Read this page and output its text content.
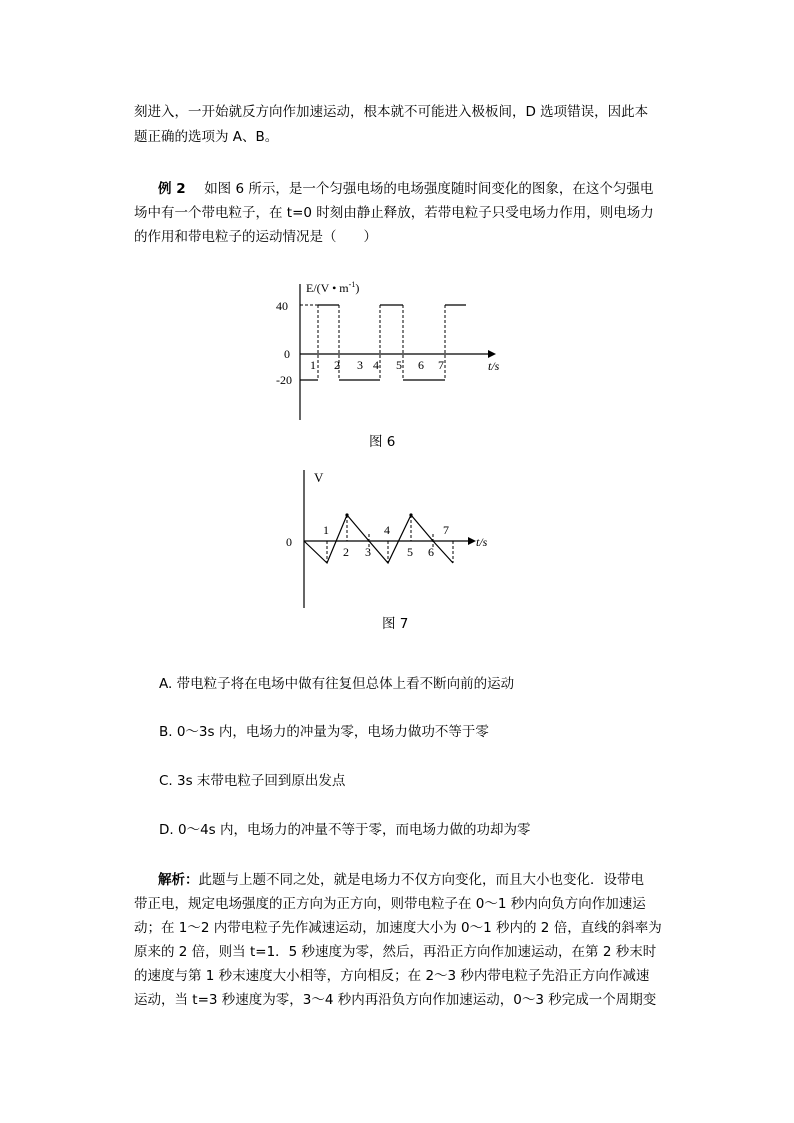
刻进入，一开始就反方向作加速运动，根本就不可能进入极板间，D 选项错误，因此本
题正确的选项为 A、B。
例 2 如图 6 所示，是一个匀强电场的电场强度随时间变化的图象，在这个匀强电
场中有一个带电粒子，在 t=0 时刻由静止释放，若带电粒子只受电场力作用，则电场力
的作用和带电粒子的运动情况是（　　）
E/(V • $m^{-1}$)
40
0
-20
1 2 3 4 5 6 7	t/s
图 6
V
0	t/s
1
2 3
4
5 6
7
图 7
A. 带电粒子将在电场中做有往复但总体上看不断向前的运动
B. 0～3s 内，电场力的冲量为零，电场力做功不等于零
C. 3s 末带电粒子回到原出发点
D. 0～4s 内，电场力的冲量不等于零，而电场力做的功却为零
解析：此题与上题不同之处，就是电场力不仅方向变化，而且大小也变化．设带电
带正电，规定电场强度的正方向为正方向，则带电粒子在 0～1 秒内向负方向作加速运
动；在 1～2 内带电粒子先作减速运动，加速度大小为 0～1 秒内的 2 倍，直线的斜率为
原来的 2 倍，则当 t=1．5 秒速度为零，然后，再沿正方向作加速运动，在第 2 秒末时
的速度与第 1 秒末速度大小相等，方向相反；在 2～3 秒内带电粒子先沿正方向作减速
运动，当 t=3 秒速度为零，3～4 秒内再沿负方向作加速运动，0～3 秒完成一个周期变
